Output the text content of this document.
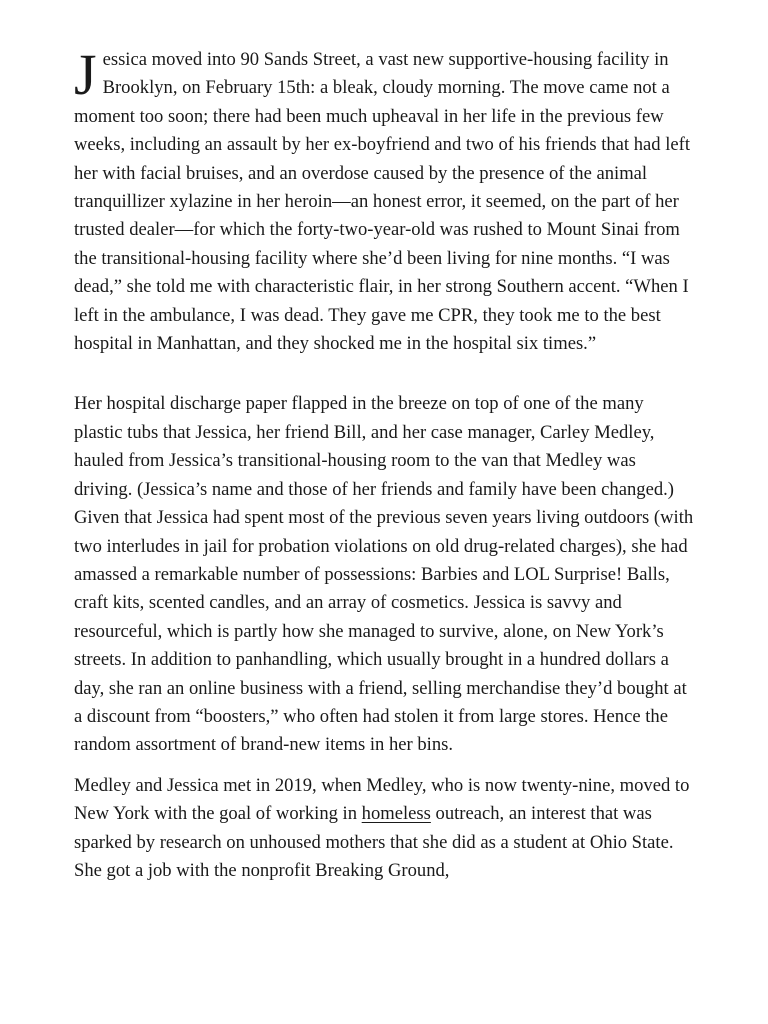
Jessica moved into 90 Sands Street, a vast new supportive-housing facility in Brooklyn, on February 15th: a bleak, cloudy morning. The move came not a moment too soon; there had been much upheaval in her life in the previous few weeks, including an assault by her ex-boyfriend and two of his friends that had left her with facial bruises, and an overdose caused by the presence of the animal tranquillizer xylazine in her heroin—an honest error, it seemed, on the part of her trusted dealer—for which the forty-two-year-old was rushed to Mount Sinai from the transitional-housing facility where she’d been living for nine months. “I was dead,” she told me with characteristic flair, in her strong Southern accent. “When I left in the ambulance, I was dead. They gave me CPR, they took me to the best hospital in Manhattan, and they shocked me in the hospital six times.”

Her hospital discharge paper flapped in the breeze on top of one of the many plastic tubs that Jessica, her friend Bill, and her case manager, Carley Medley, hauled from Jessica’s transitional-housing room to the van that Medley was driving. (Jessica’s name and those of her friends and family have been changed.) Given that Jessica had spent most of the previous seven years living outdoors (with two interludes in jail for probation violations on old drug-related charges), she had amassed a remarkable number of possessions: Barbies and LOL Surprise! Balls, craft kits, scented candles, and an array of cosmetics. Jessica is savvy and resourceful, which is partly how she managed to survive, alone, on New York’s streets. In addition to panhandling, which usually brought in a hundred dollars a day, she ran an online business with a friend, selling merchandise they’d bought at a discount from “boosters,” who often had stolen it from large stores. Hence the random assortment of brand-new items in her bins.

Medley and Jessica met in 2019, when Medley, who is now twenty-nine, moved to New York with the goal of working in homeless outreach, an interest that was sparked by research on unhoused mothers that she did as a student at Ohio State. She got a job with the nonprofit Breaking Ground,
